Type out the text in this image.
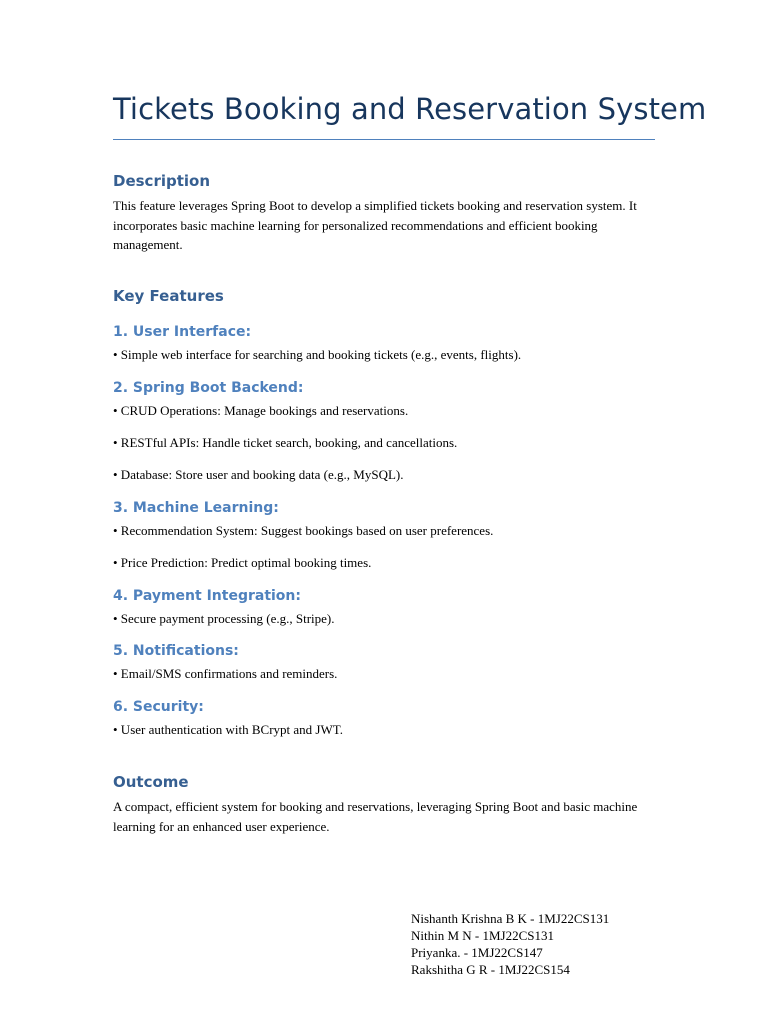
Tickets Booking and Reservation System
Description
This feature leverages Spring Boot to develop a simplified tickets booking and reservation system. It incorporates basic machine learning for personalized recommendations and efficient booking management.
Key Features
1. User Interface:
• Simple web interface for searching and booking tickets (e.g., events, flights).
2. Spring Boot Backend:
• CRUD Operations: Manage bookings and reservations.
• RESTful APIs: Handle ticket search, booking, and cancellations.
• Database: Store user and booking data (e.g., MySQL).
3. Machine Learning:
• Recommendation System: Suggest bookings based on user preferences.
• Price Prediction: Predict optimal booking times.
4. Payment Integration:
• Secure payment processing (e.g., Stripe).
5. Notifications:
• Email/SMS confirmations and reminders.
6. Security:
• User authentication with BCrypt and JWT.
Outcome
A compact, efficient system for booking and reservations, leveraging Spring Boot and basic machine learning for an enhanced user experience.
Nishanth Krishna B K - 1MJ22CS131
Nithin M N - 1MJ22CS131
Priyanka. - 1MJ22CS147
Rakshitha G R - 1MJ22CS154
